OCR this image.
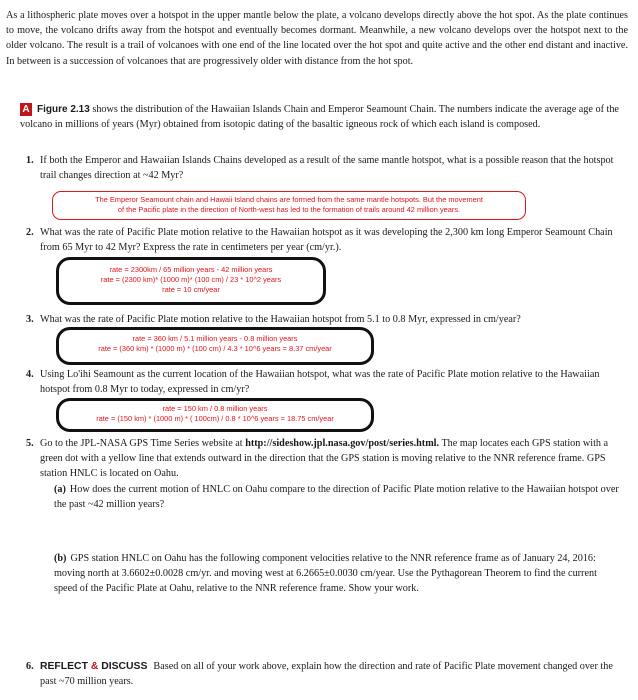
As a lithospheric plate moves over a hotspot in the upper mantle below the plate, a volcano develops directly above the hot spot. As the plate continues to move, the volcano drifts away from the hotspot and eventually becomes dormant. Meanwhile, a new volcano develops over the hotspot next to the older volcano. The result is a trail of volcanoes with one end of the line located over the hot spot and quite active and the other end distant and inactive. In between is a succession of volcanoes that are progressively older with distance from the hot spot.
A Figure 2.13 shows the distribution of the Hawaiian Islands Chain and Emperor Seamount Chain. The numbers indicate the average age of the volcano in millions of years (Myr) obtained from isotopic dating of the basaltic igneous rock of which each island is composed.
1. If both the Emperor and Hawaiian Islands Chains developed as a result of the same mantle hotspot, what is a possible reason that the hotspot trail changes direction at ~42 Myr?
The Emperor Seamount chain and Hawaii Island chains are formed from the same mantle hotspots. But the movement
of the Pacific plate in the direction of North-west has led to the formation of trails around 42 million years.
2. What was the rate of Pacific Plate motion relative to the Hawaiian hotspot as it was developing the 2,300 km long Emperor Seamount Chain from 65 Myr to 42 Myr? Express the rate in centimeters per year (cm/yr.).
rate = 2300km / 65 million years - 42 million years
rate = (2300 km)* (1000 m)* (100 cm) / 23 * 10^2 years
rate = 10 cm/year
3. What was the rate of Pacific Plate motion relative to the Hawaiian hotspot from 5.1 to 0.8 Myr, expressed in cm/year?
rate = 360 km / 5.1 million years - 0.8 million years
rate = (360 km) * (1000 m) * (100 cm) / 4.3 * 10^6 years = 8.37 cm/year
4. Using Lo'ihi Seamount as the current location of the Hawaiian hotspot, what was the rate of Pacific Plate motion relative to the Hawaiian hotspot from 0.8 Myr to today, expressed in cm/yr?
rate = 150 km / 0.8 million years
rate = (150 km) * (1000 m) * ( 100cm) / 0.8 * 10^6 years = 18.75 cm/year
5. Go to the JPL-NASA GPS Time Series website at http://sideshow.jpl.nasa.gov/post/series.html. The map locates each GPS station with a green dot with a yellow line that extends outward in the direction that the GPS station is moving relative to the NNR reference frame. GPS station HNLC is located on Oahu.
(a) How does the current motion of HNLC on Oahu compare to the direction of Pacific Plate motion relative to the Hawaiian hotspot over the past ~42 million years?
(b) GPS station HNLC on Oahu has the following component velocities relative to the NNR reference frame as of January 24, 2016: moving north at 3.6602±0.0028 cm/yr. and moving west at 6.2665±0.0030 cm/year. Use the Pythagorean Theorem to find the current speed of the Pacific Plate at Oahu, relative to the NNR reference frame. Show your work.
6. REFLECT & DISCUSS Based on all of your work above, explain how the direction and rate of Pacific Plate movement changed over the past ~70 million years.
